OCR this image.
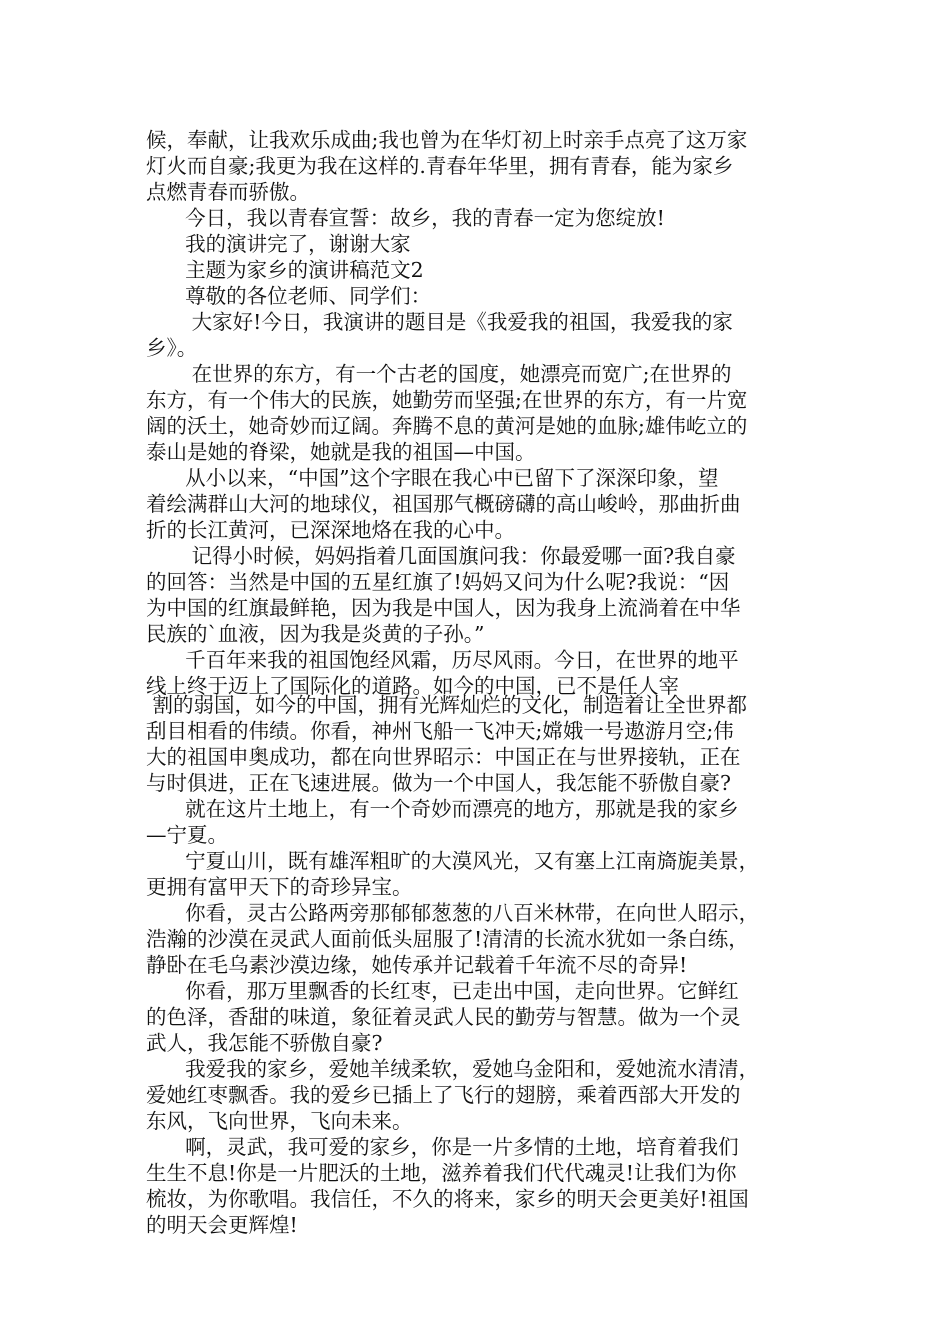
候，奉献，让我欢乐成曲;我也曾为在华灯初上时亲手点亮了这万家
灯火而自豪;我更为我在这样的.青春年华里，拥有青春，能为家乡
点燃青春而骄傲。
今日，我以青春宣誓：故乡，我的青春一定为您绽放!
我的演讲完了，谢谢大家
主题为家乡的演讲稿范文2
尊敬的各位老师、同学们：
大家好!今日，我演讲的题目是《我爱我的祖国，我爱我的家
乡》。
在世界的东方，有一个古老的国度，她漂亮而宽广;在世界的
东方，有一个伟大的民族，她勤劳而坚强;在世界的东方，有一片宽
阔的沃土，她奇妙而辽阔。奔腾不息的黄河是她的血脉;雄伟屹立的
泰山是她的脊梁，她就是我的祖国—中国。
从小以来，“中国”这个字眼在我心中已留下了深深印象，望
着绘满群山大河的地球仪，祖国那气概磅礴的高山峻岭，那曲折曲
折的长江黄河，已深深地烙在我的心中。
记得小时候，妈妈指着几面国旗问我：你最爱哪一面?我自豪
的回答：当然是中国的五星红旗了!妈妈又问为什么呢?我说：“因
为中国的红旗最鲜艳，因为我是中国人，因为我身上流淌着在中华
民族的`血液，因为我是炎黄的子孙。”
千百年来我的祖国饱经风霜，历尽风雨。今日，在世界的地平
线上终于迈上了国际化的道路。如今的中国，已不是任人宰
割的弱国，如今的中国，拥有光辉灿烂的文化，制造着让全世界都
刮目相看的伟绩。你看，神州飞船一飞冲天;嫦娥一号遨游月空;伟
大的祖国申奥成功，都在向世界昭示：中国正在与世界接轨，正在
与时俱进，正在飞速进展。做为一个中国人，我怎能不骄傲自豪?
就在这片土地上，有一个奇妙而漂亮的地方，那就是我的家乡
—宁夏。
宁夏山川，既有雄浑粗旷的大漠风光，又有塞上江南旖旎美景，
更拥有富甲天下的奇珍异宝。
你看，灵古公路两旁那郁郁葱葱的八百米林带，在向世人昭示，
浩瀚的沙漠在灵武人面前低头屈服了!清清的长流水犹如一条白练，
静卧在毛乌素沙漠边缘，她传承并记载着千年流不尽的奇异!
你看，那万里飘香的长红枣，已走出中国，走向世界。它鲜红
的色泽，香甜的味道，象征着灵武人民的勤劳与智慧。做为一个灵
武人，我怎能不骄傲自豪?
我爱我的家乡，爱她羊绒柔软，爱她乌金阳和，爱她流水清清，
爱她红枣飘香。我的爱乡已插上了飞行的翅膀，乘着西部大开发的
东风，飞向世界，飞向未来。
啊，灵武，我可爱的家乡，你是一片多情的土地，培育着我们
生生不息!你是一片肥沃的土地，滋养着我们代代魂灵!让我们为你
梳妆，为你歌唱。我信任，不久的将来，家乡的明天会更美好!祖国
的明天会更辉煌!
